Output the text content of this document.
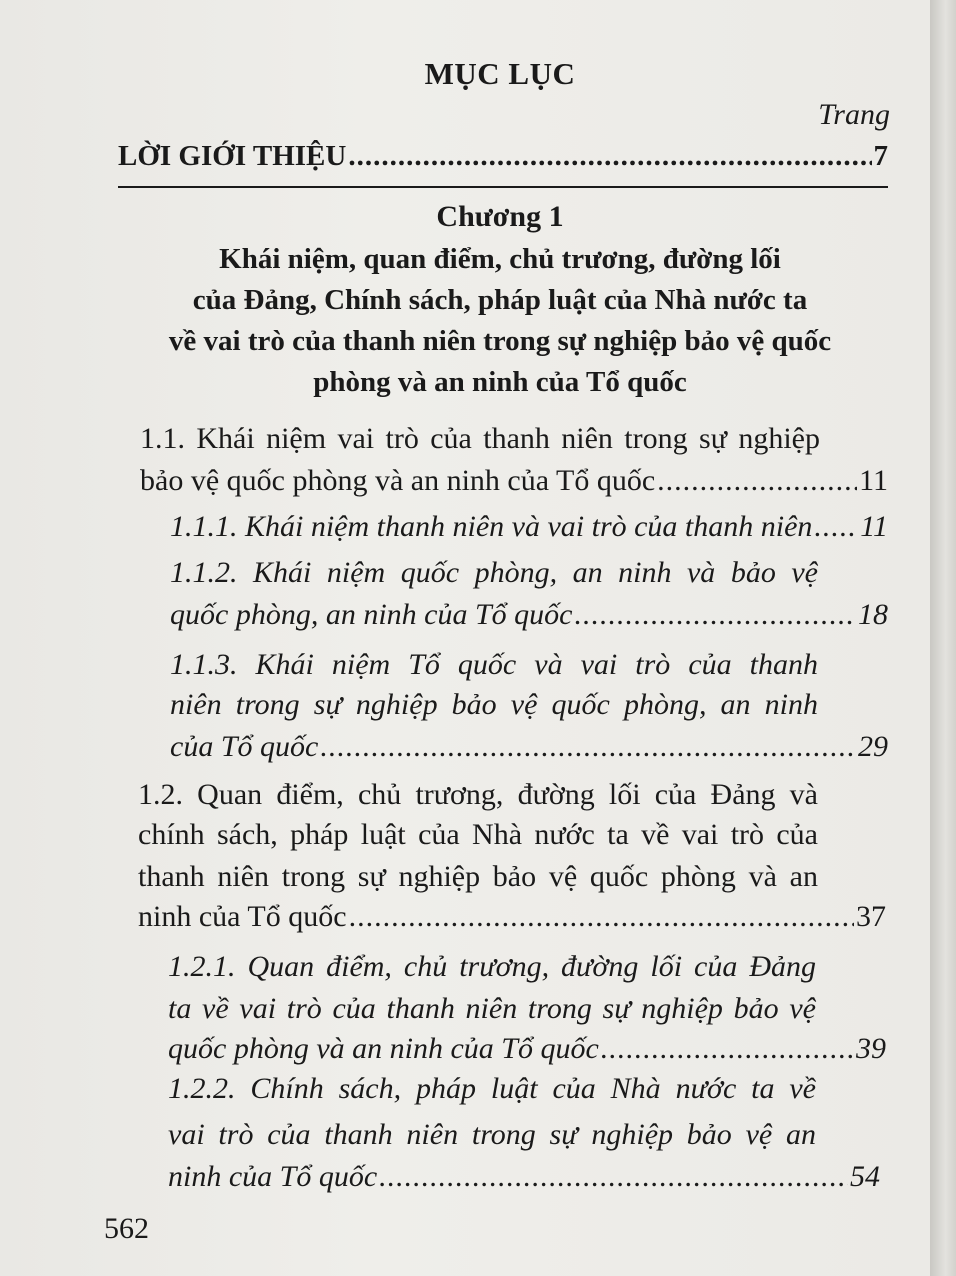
MỤC LỤC
Trang
LỜI GIỚI THIỆU .....	7
Chương 1
Khái niệm, quan điểm, chủ trương, đường lối
của Đảng, Chính sách, pháp luật của Nhà nước ta
về vai trò của thanh niên trong sự nghiệp bảo vệ quốc
phòng và an ninh của Tổ quốc
1.1. Khái niệm vai trò của thanh niên trong sự nghiệp
bảo vệ quốc phòng và an ninh của Tổ quốc .....	11
1.1.1. Khái niệm thanh niên và vai trò của thanh niên ..... 11
1.1.2. Khái niệm quốc phòng, an ninh và bảo vệ
quốc phòng, an ninh của Tổ quốc .....	18
1.1.3. Khái niệm Tổ quốc và vai trò của thanh
niên trong sự nghiệp bảo vệ quốc phòng, an ninh
của Tổ quốc .....	29
1.2. Quan điểm, chủ trương, đường lối của Đảng và
chính sách, pháp luật của Nhà nước ta về vai trò của
thanh niên trong sự nghiệp bảo vệ quốc phòng và an
ninh của Tổ quốc .....	37
1.2.1. Quan điểm, chủ trương, đường lối của Đảng
ta về vai trò của thanh niên trong sự nghiệp bảo vệ
quốc phòng và an ninh của Tổ quốc .....	39
1.2.2. Chính sách, pháp luật của Nhà nước ta về
vai trò của thanh niên trong sự nghiệp bảo vệ an
ninh của Tổ quốc .....	54
562
